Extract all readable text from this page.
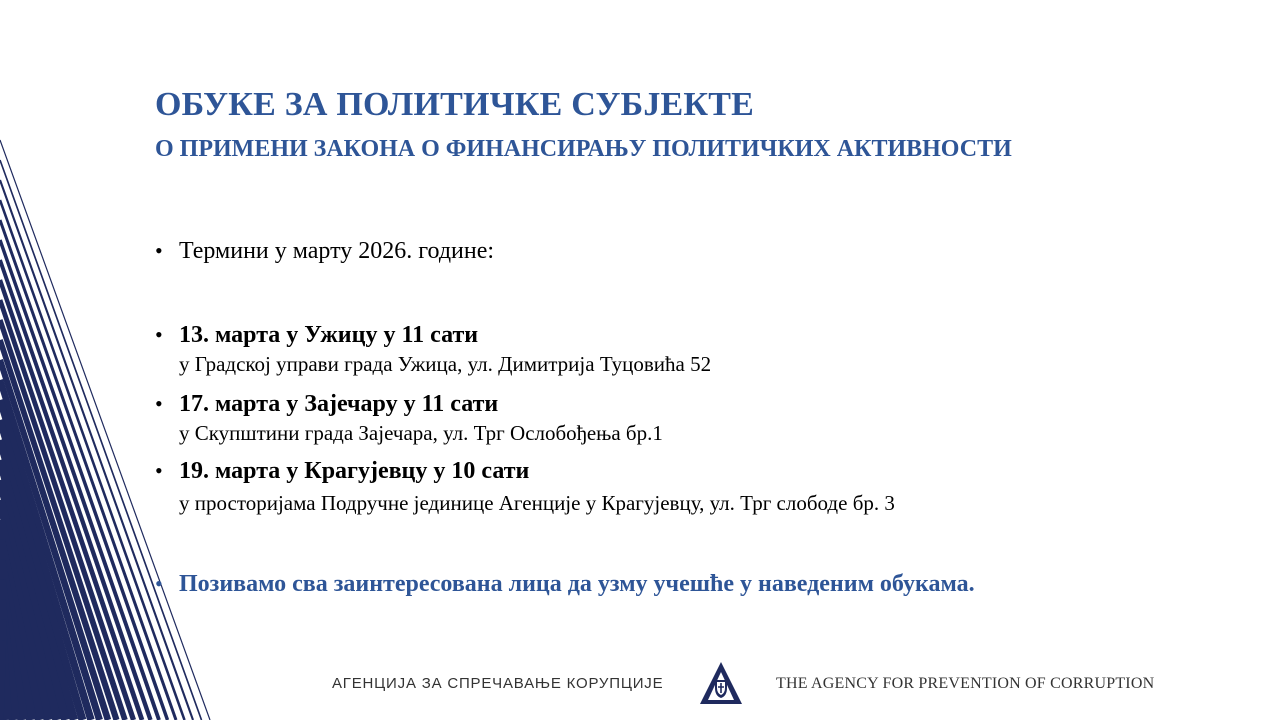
ОБУКЕ ЗА ПОЛИТИЧКЕ СУБЈЕКТЕ
О ПРИМЕНИ ЗАКОНА О ФИНАНСИРАЊУ ПОЛИТИЧКИХ АКТИВНОСТИ
• Термини у марту 2026. године:
• 13. марта у Ужицу у 11 сати
у Градској управи града Ужица, ул. Димитрија Туцовића 52
• 17. марта у Зајечару у 11 сати
у Скупштини града Зајечара, ул. Трг Ослобођења бр.1
• 19. марта у Крагујевцу у 10 сати
у просторијама Подручне јединице Агенције у Крагујевцу, ул. Трг слободе бр. 3
• Позивамо сва заинтересована лица да узму учешће у наведеним обукама.
АГЕНЦИЈА ЗА СПРЕЧАВАЊЕ КОРУПЦИЈЕ	THE AGENCY FOR PREVENTION OF CORRUPTION
